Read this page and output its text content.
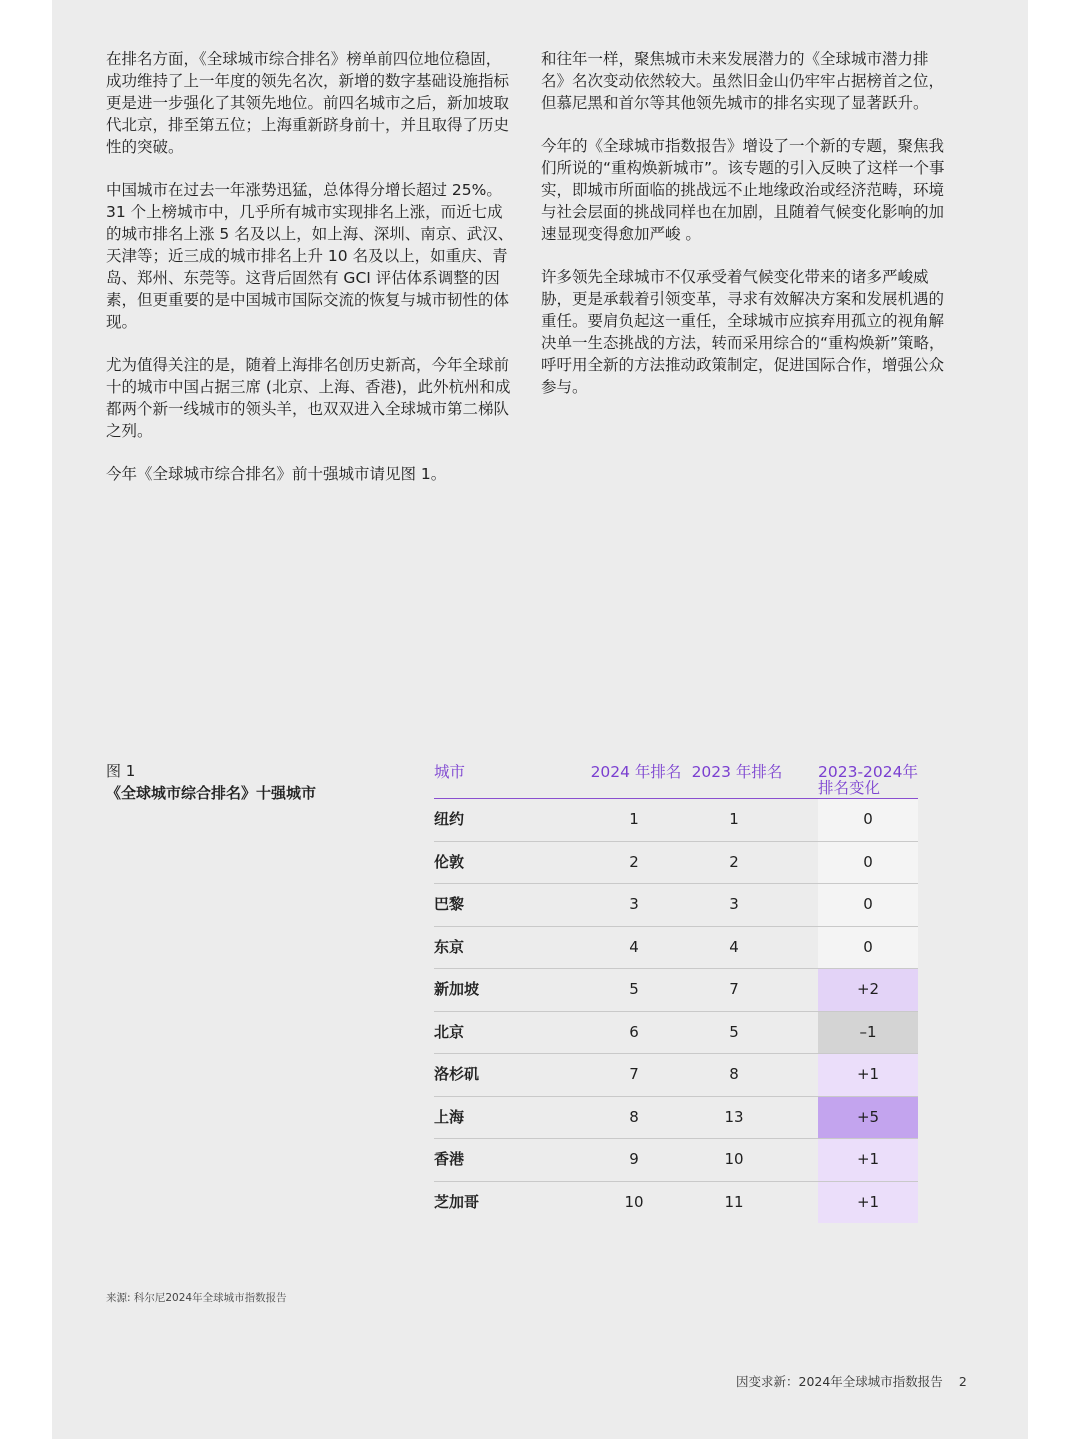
在排名方面，《全球城市综合排名》榜单前四位地位稳固，成功维持了上一年度的领先名次，新增的数字基础设施指标更是进一步强化了其领先地位。前四名城市之后，新加坡取代北京，排至第五位；上海重新跻身前十，并且取得了历史性的突破。

中国城市在过去一年涨势迅猛，总体得分增长超过 25%。31 个上榜城市中，几乎所有城市实现排名上涨，而近七成的城市排名上涨 5 名及以上，如上海、深圳、南京、武汉、天津等；近三成的城市排名上升 10 名及以上，如重庆、青岛、郑州、东莞等。这背后固然有 GCI 评估体系调整的因素，但更重要的是中国城市国际交流的恢复与城市韧性的体现。

尤为值得关注的是，随着上海排名创历史新高，今年全球前十的城市中国占据三席 (北京、上海、香港)，此外杭州和成都两个新一线城市的领头羊，也双双进入全球城市第二梯队之列。

今年《全球城市综合排名》前十强城市请见图 1。

和往年一样，聚焦城市未来发展潜力的《全球城市潜力排名》名次变动依然较大。虽然旧金山仍牢牢占据榜首之位，但慕尼黑和首尔等其他领先城市的排名实现了显著跃升。

今年的《全球城市指数报告》增设了一个新的专题，聚焦我们所说的“重构焕新城市”。该专题的引入反映了这样一个事实，即城市所面临的挑战远不止地缘政治或经济范畴，环境与社会层面的挑战同样也在加剧，且随着气候变化影响的加速显现变得愈加严峻 。

许多领先全球城市不仅承受着气候变化带来的诸多严峻威胁，更是承载着引领变革，寻求有效解决方案和发展机遇的重任。要肩负起这一重任，全球城市应摈弃用孤立的视角解决单一生态挑战的方法，转而采用综合的“重构焕新”策略，呼吁用全新的方法推动政策制定，促进国际合作，增强公众参与。

图 1
《全球城市综合排名》十强城市
城市	2024 年排名 2023 年排名 2023-2024年
排名变化
纽约	1	1	0
伦敦	2	2	0
巴黎	3	3	0
东京	4	4	0
新加坡	5	7	+2
北京	6	5	–1
洛杉矶	7	8	+1
上海	8	13	+5
香港	9	10	+1
芝加哥	10	11	+1
来源: 科尔尼2024年全球城市指数报告
因变求新：2024年全球城市指数报告 2
